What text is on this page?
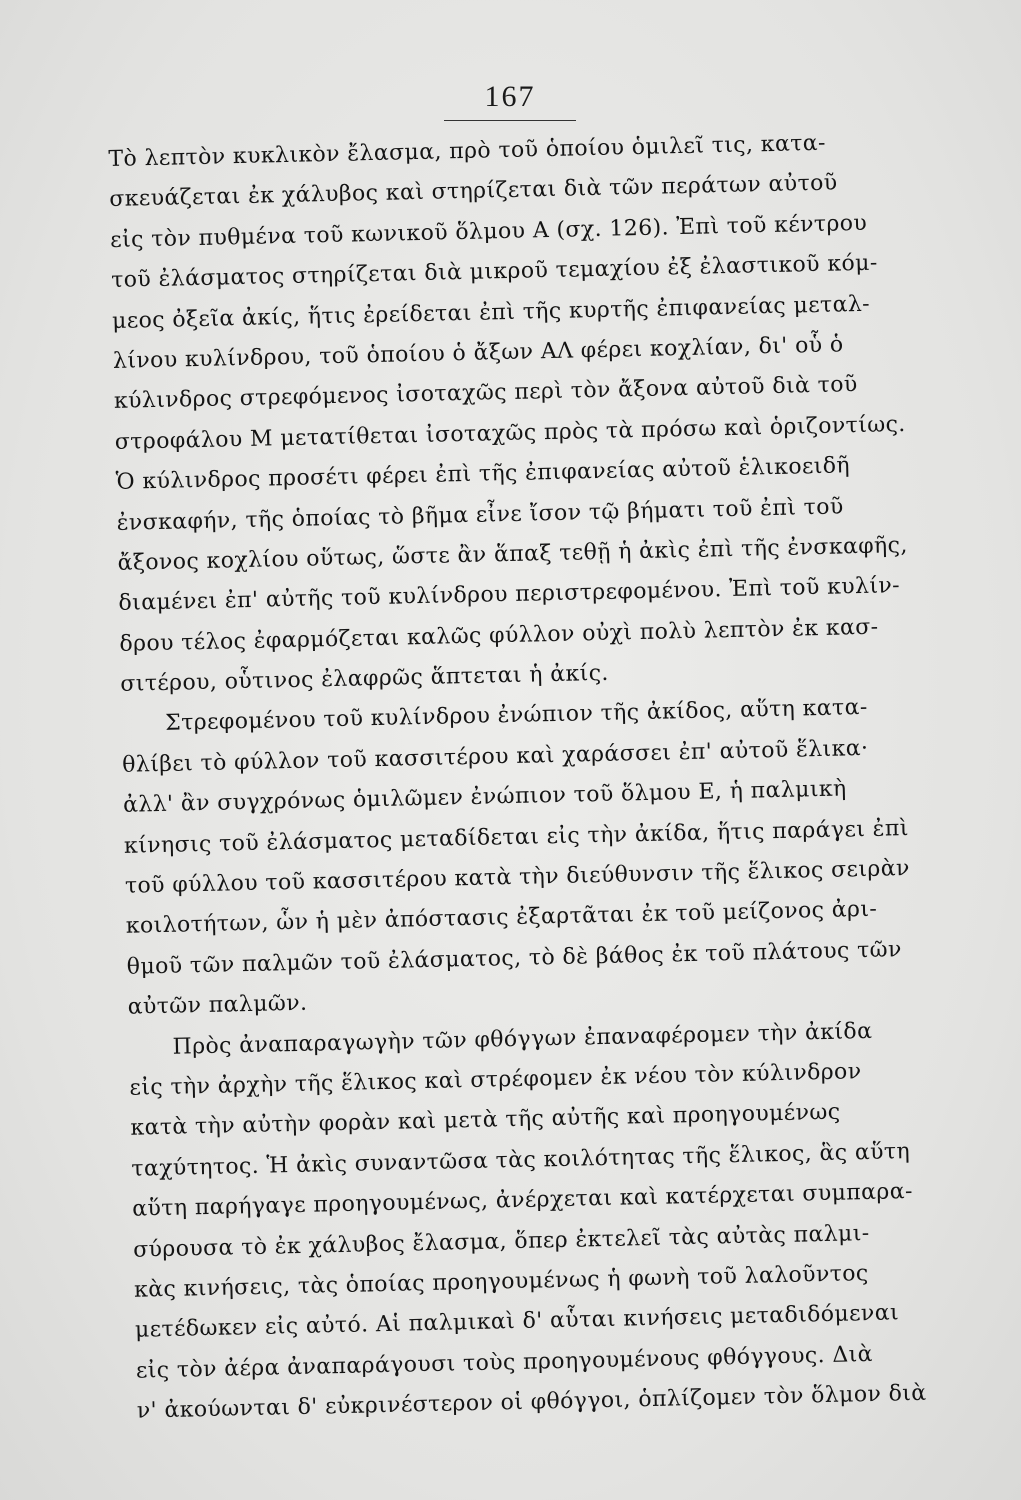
167
Τὸ λεπτὸν κυκλικὸν ἔλασμα, πρὸ τοῦ ὁποίου ὁμιλεῖ τις, κατα-
σκευάζεται ἐκ χάλυβος καὶ στηρίζεται διὰ τῶν περάτων αὐτοῦ
εἰς τὸν πυθμένα τοῦ κωνικοῦ ὅλμου Α (σχ. 126). Ἐπὶ τοῦ κέντρου
τοῦ ἐλάσματος στηρίζεται διὰ μικροῦ τεμαχίου ἐξ ἐλαστικοῦ κόμ-
μεος ὀξεῖα ἀκίς, ἥτις ἐρείδεται ἐπὶ τῆς κυρτῆς ἐπιφανείας μεταλ-
λίνου κυλίνδρου, τοῦ ὁποίου ὁ ἄξων ΑΛ φέρει κοχλίαν, δι' οὗ ὁ
κύλινδρος στρεφόμενος ἰσοταχῶς περὶ τὸν ἄξονα αὐτοῦ διὰ τοῦ
στροφάλου Μ μετατίθεται ἰσοταχῶς πρὸς τὰ πρόσω καὶ ὁριζοντίως.
Ὁ κύλινδρος προσέτι φέρει ἐπὶ τῆς ἐπιφανείας αὐτοῦ ἑλικοειδῆ
ἐνσκαφήν, τῆς ὁποίας τὸ βῆμα εἶνε ἴσον τῷ βήματι τοῦ ἐπὶ τοῦ
ἄξονος κοχλίου οὕτως, ὥστε ἂν ἅπαξ τεθῇ ἡ ἀκὶς ἐπὶ τῆς ἐνσκαφῆς,
διαμένει ἐπ' αὐτῆς τοῦ κυλίνδρου περιστρεφομένου. Ἐπὶ τοῦ κυλίν-
δρου τέλος ἐφαρμόζεται καλῶς φύλλον οὐχὶ πολὺ λεπτὸν ἐκ κασ-
σιτέρου, οὗτινος ἐλαφρῶς ἅπτεται ἡ ἀκίς.
Στρεφομένου τοῦ κυλίνδρου ἐνώπιον τῆς ἀκίδος, αὕτη κατα-
θλίβει τὸ φύλλον τοῦ κασσιτέρου καὶ χαράσσει ἐπ' αὐτοῦ ἕλικα·
ἀλλ' ἂν συγχρόνως ὁμιλῶμεν ἐνώπιον τοῦ ὅλμου Ε, ἡ παλμικὴ
κίνησις τοῦ ἐλάσματος μεταδίδεται εἰς τὴν ἀκίδα, ἥτις παράγει ἐπὶ
τοῦ φύλλου τοῦ κασσιτέρου κατὰ τὴν διεύθυνσιν τῆς ἕλικος σειρὰν
κοιλοτήτων, ὧν ἡ μὲν ἀπόστασις ἐξαρτᾶται ἐκ τοῦ μείζονος ἀρι-
θμοῦ τῶν παλμῶν τοῦ ἐλάσματος, τὸ δὲ βάθος ἐκ τοῦ πλάτους τῶν
αὐτῶν παλμῶν.
Πρὸς ἀναπαραγωγὴν τῶν φθόγγων ἐπαναφέρομεν τὴν ἀκίδα
εἰς τὴν ἀρχὴν τῆς ἕλικος καὶ στρέφομεν ἐκ νέου τὸν κύλινδρον
κατὰ τὴν αὐτὴν φορὰν καὶ μετὰ τῆς αὐτῆς καὶ προηγουμένως
ταχύτητος. Ἡ ἀκὶς συναντῶσα τὰς κοιλότητας τῆς ἕλικος, ἃς αὕτη
αὕτη παρήγαγε προηγουμένως, ἀνέρχεται καὶ κατέρχεται συμπαρα-
σύρουσα τὸ ἐκ χάλυβος ἔλασμα, ὅπερ ἐκτελεῖ τὰς αὐτὰς παλμι-
κὰς κινήσεις, τὰς ὁποίας προηγουμένως ἡ φωνὴ τοῦ λαλοῦντος
μετέδωκεν εἰς αὐτό. Αἱ παλμικαὶ δ' αὗται κινήσεις μεταδιδόμεναι
εἰς τὸν ἀέρα ἀναπαράγουσι τοὺς προηγουμένους φθόγγους. Διὰ
ν' ἀκούωνται δ' εὐκρινέστερον οἱ φθόγγοι, ὁπλίζομεν τὸν ὅλμον διὰ
